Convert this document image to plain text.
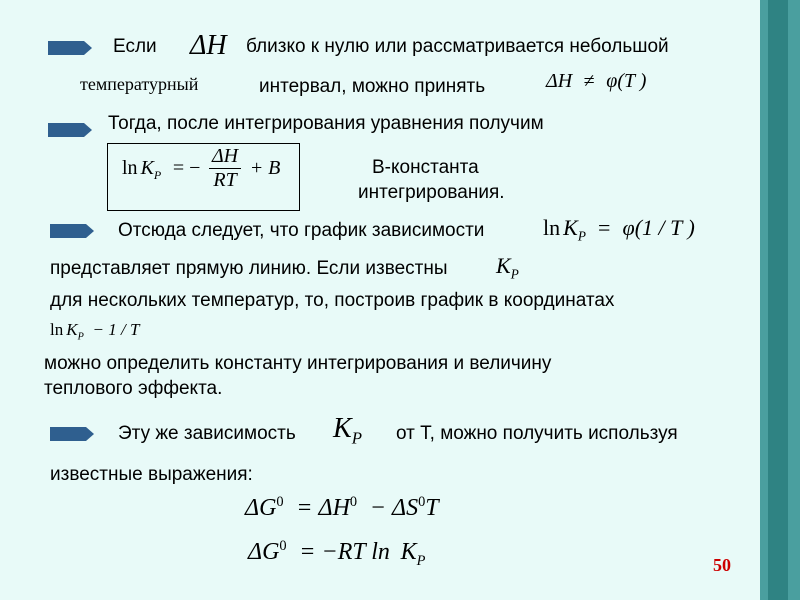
Если ΔH близко к нулю или рассматривается небольшой
температурный	интервал, можно принять	ΔH ≠ φ(T )
Тогда, после интегрирования уравнения получим
$\ln K_P$ = − $\frac{\Delta H}{RT} + B$	В-константа
интегрирования.
Отсюда следует, что график зависимости	$\ln K_P = \varphi(1 / T$ )
представляет прямую линию. Если известны $K_P$
для нескольких температур, то, построив график в координатах
$\ln K_P - 1 / T$
можно определить константу интегрирования и величину
теплового эффекта.
Эту же зависимость $K_P$ от Т, можно получить используя
известные выражения:
$\Delta G^0 = \Delta H^0 - \Delta S^0T$
$\Delta G^0 = -RT$ $\ln K_P$	50
